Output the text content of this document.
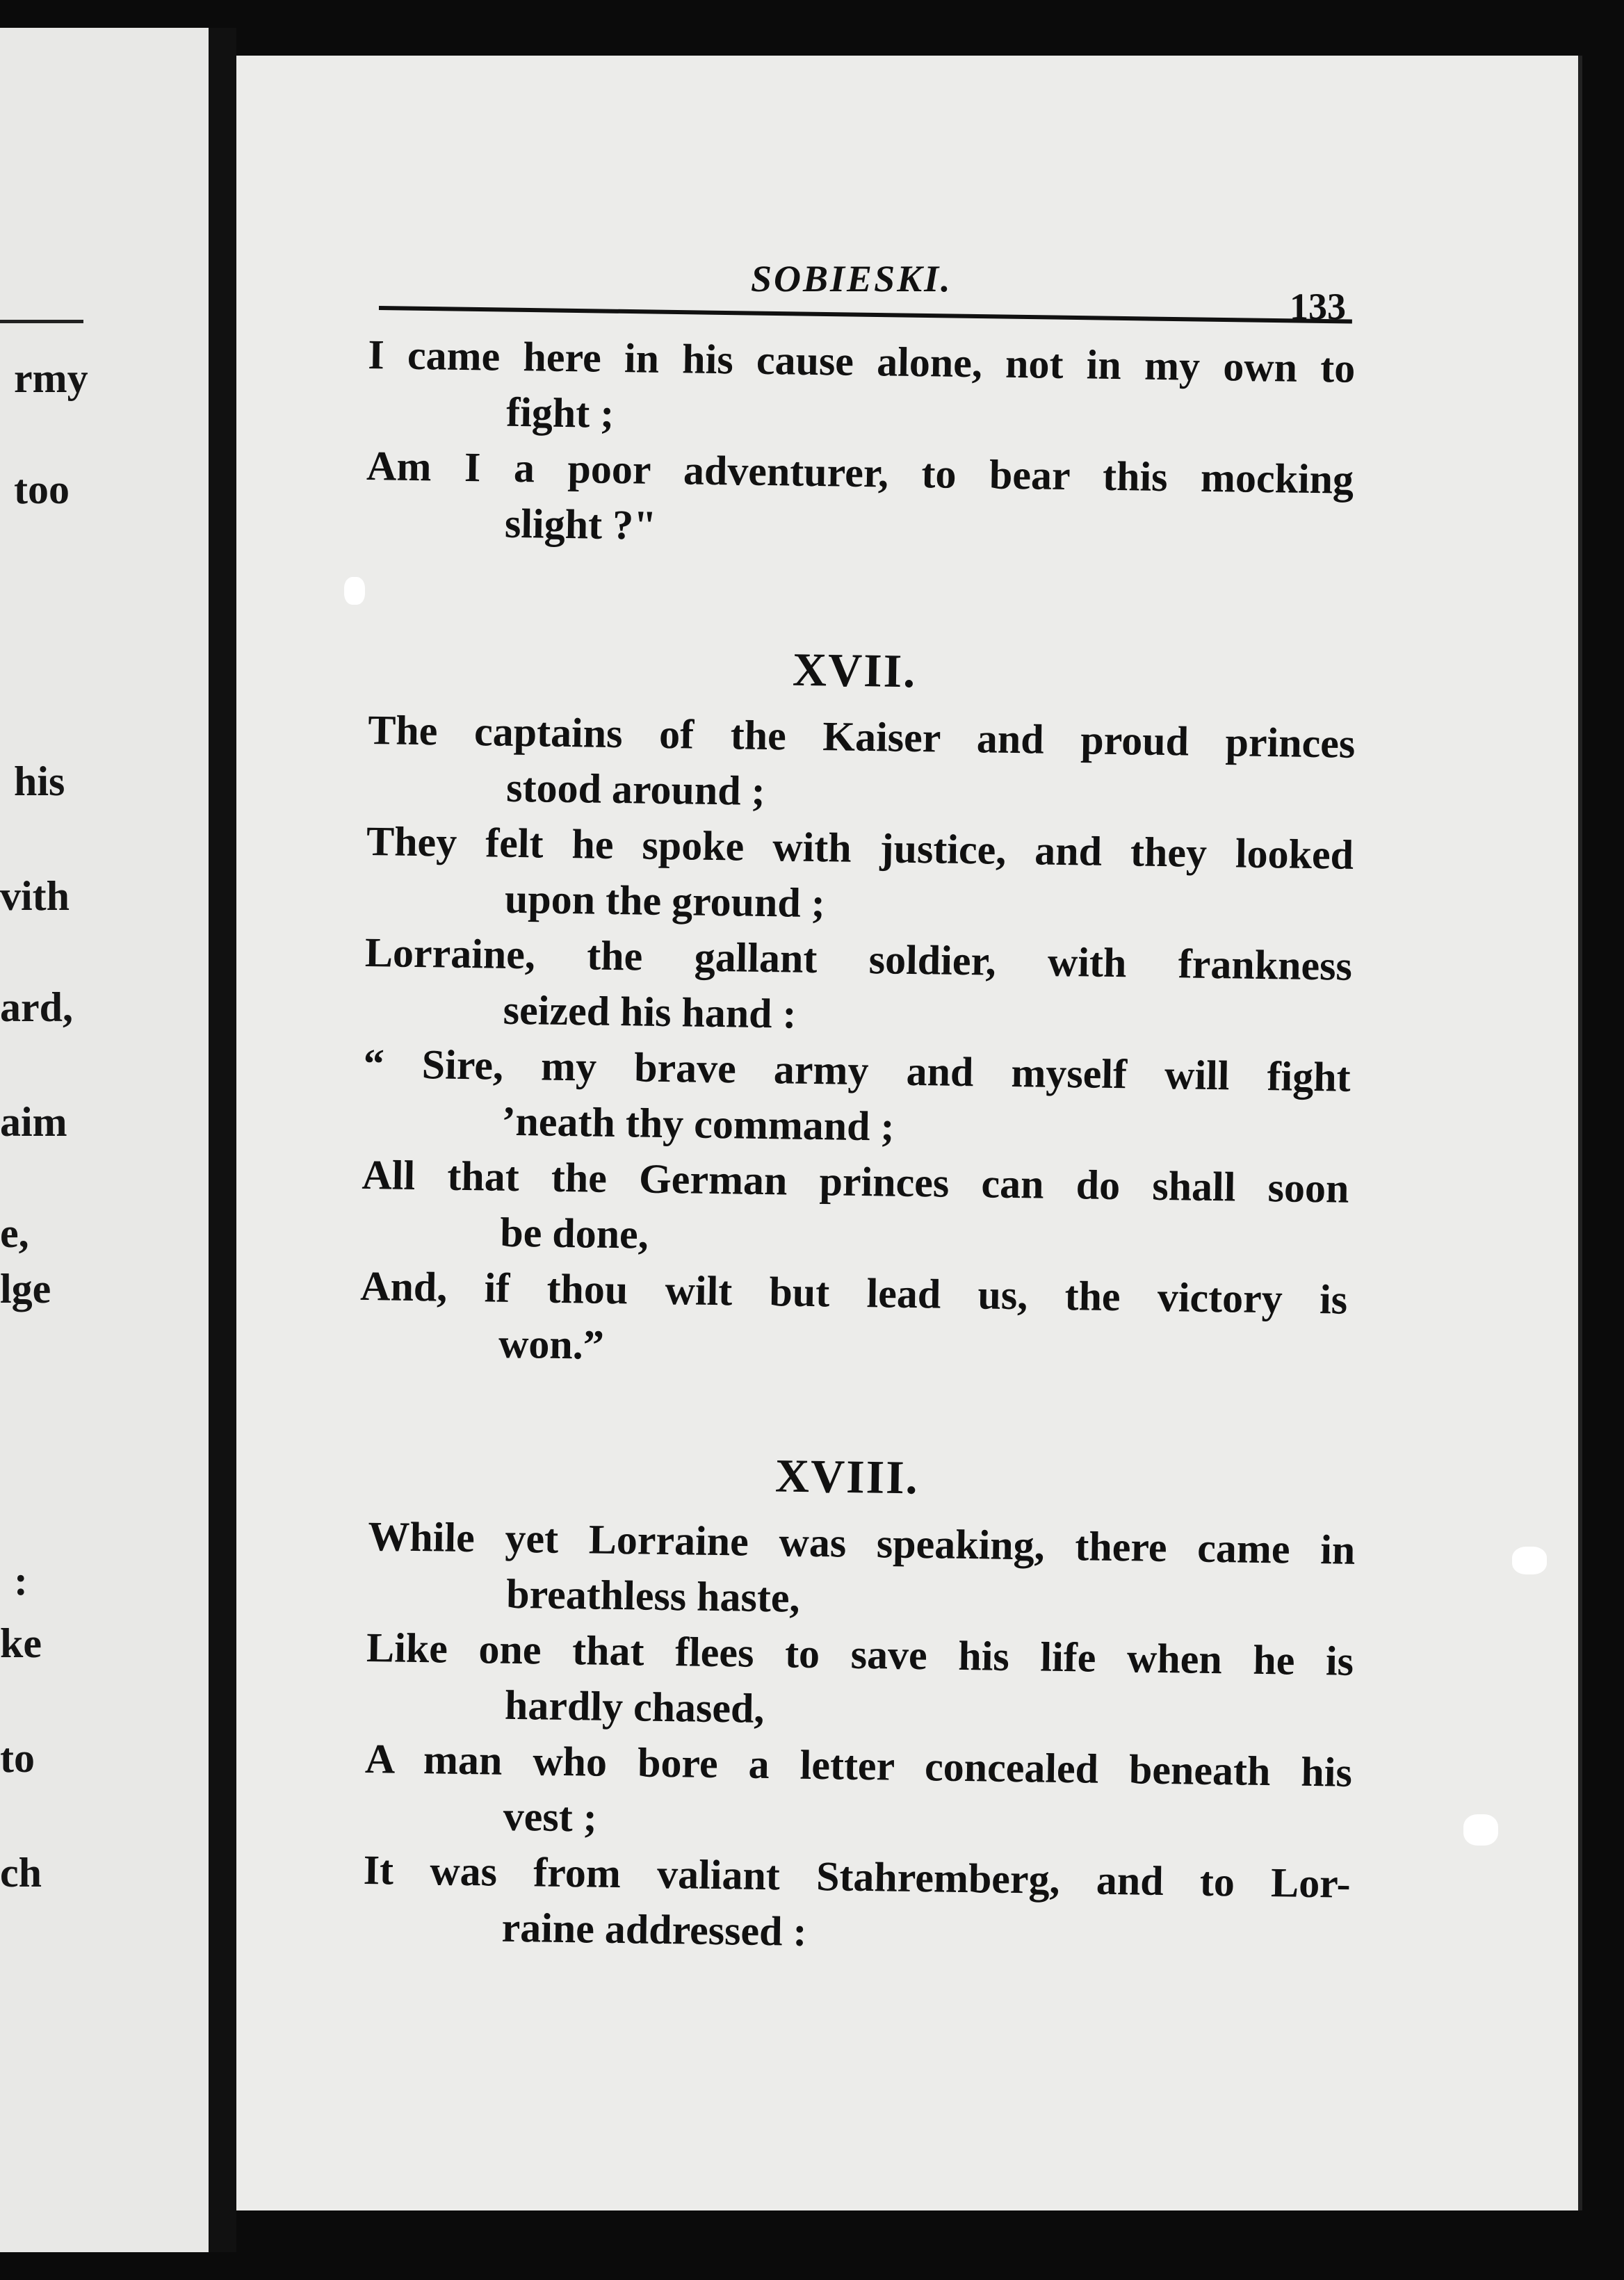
rmy
too
his
vith
ard,
aim
e,
lge
:
ke
to
ch
SOBIESKI.
133
I came here in his cause alone, not in my own to
fight ;
Am I a poor adventurer, to bear this mocking
slight ?"
XVII.
The captains of the Kaiser and proud princes
stood around ;
They felt he spoke with justice, and they looked
upon the ground ;
Lorraine, the gallant soldier, with frankness
seized his hand :
“ Sire, my brave army and myself will fight
’neath thy command ;
All that the German princes can do shall soon
be done,
And, if thou wilt but lead us, the victory is
won.”
XVIII.
While yet Lorraine was speaking, there came in
breathless haste,
Like one that flees to save his life when he is
hardly chased,
A man who bore a letter concealed beneath his
vest ;
It was from valiant Stahremberg, and to Lor-
raine addressed :
